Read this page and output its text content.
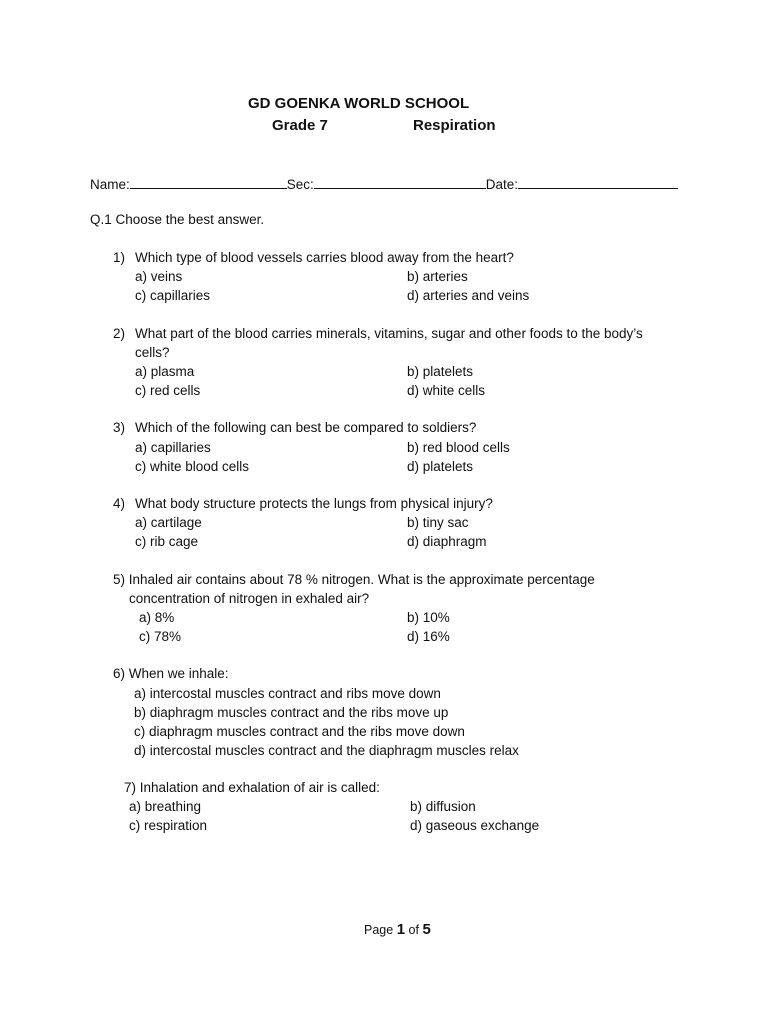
GD GOENKA WORLD SCHOOL
Grade 7	Respiration
Name:	Sec:	Date:
Q.1 Choose the best answer.
1) Which type of blood vessels carries blood away from the heart?
a) veins	b) arteries
c) capillaries	d) arteries and veins
2) What part of the blood carries minerals, vitamins, sugar and other foods to the body’s
cells?
a) plasma	b) platelets
c) red cells	d) white cells
3) Which of the following can best be compared to soldiers?
a) capillaries	b) red blood cells
c) white blood cells	d) platelets
4) What body structure protects the lungs from physical injury?
a) cartilage	b) tiny sac
c) rib cage	d) diaphragm
5) Inhaled air contains about 78 % nitrogen. What is the approximate percentage
concentration of nitrogen in exhaled air?
a) 8%	b) 10%
c) 78%	d) 16%
6) When we inhale:
a) intercostal muscles contract and ribs move down
b) diaphragm muscles contract and the ribs move up
c) diaphragm muscles contract and the ribs move down
d) intercostal muscles contract and the diaphragm muscles relax
7) Inhalation and exhalation of air is called:
a) breathing	b) diffusion
c) respiration	d) gaseous exchange
Page 1 of 5
